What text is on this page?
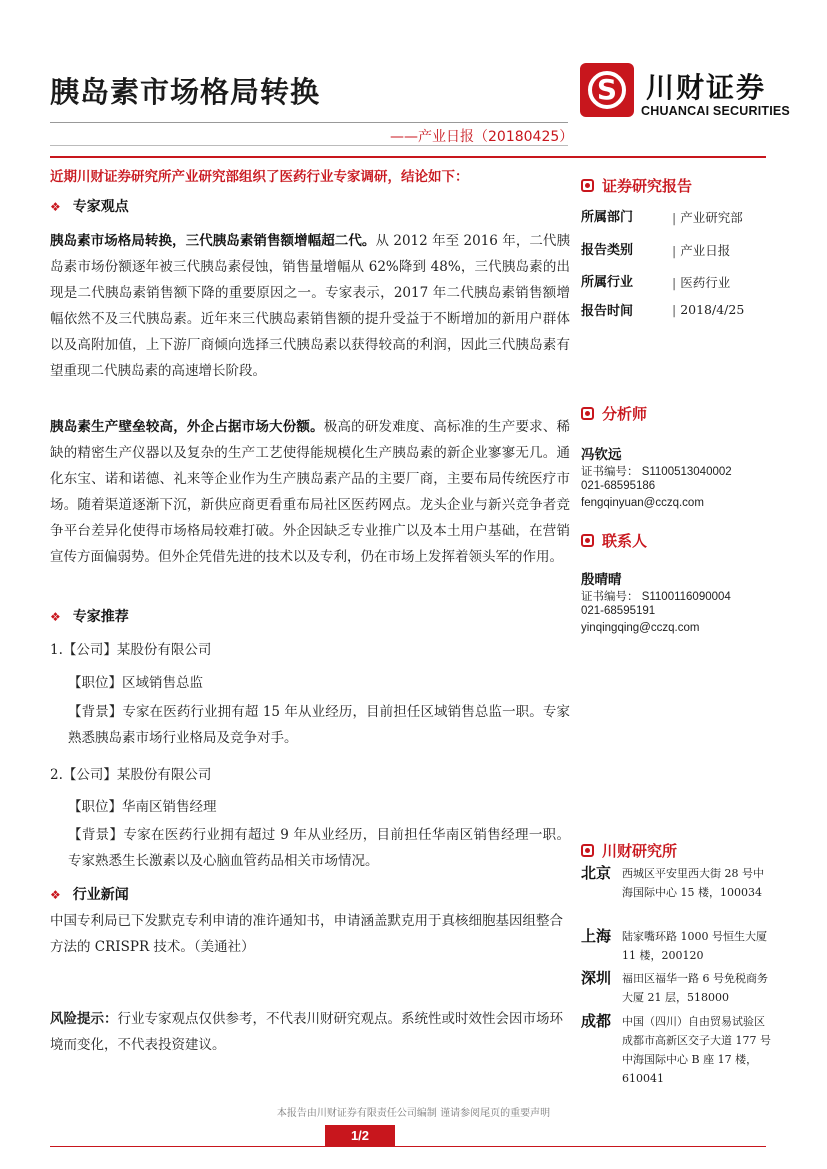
胰岛素市场格局转换	S	川财证券
CHUANCAI SECURITIES
——产业日报（20180425）
近期川财证券研究所产业研究部组织了医药行业专家调研，结论如下：
❖ 专家观点
胰岛素市场格局转换，三代胰岛素销售额增幅超二代。从 2012 年至 2016 年，二代胰岛素市场份额逐年被三代胰岛素侵蚀，销售量增幅从 62%降到 48%，三代胰岛素的出现是二代胰岛素销售额下降的重要原因之一。专家表示，2017 年二代胰岛素销售额增幅依然不及三代胰岛素。近年来三代胰岛素销售额的提升受益于不断增加的新用户群体以及高附加值，上下游厂商倾向选择三代胰岛素以获得较高的利润，因此三代胰岛素有望重现二代胰岛素的高速增长阶段。
胰岛素生产壁垒较高，外企占据市场大份额。极高的研发难度、高标准的生产要求、稀缺的精密生产仪器以及复杂的生产工艺使得能规模化生产胰岛素的新企业寥寥无几。通化东宝、诺和诺德、礼来等企业作为生产胰岛素产品的主要厂商，主要布局传统医疗市场。随着渠道逐渐下沉，新供应商更看重布局社区医药网点。龙头企业与新兴竞争者竞争平台差异化使得市场格局较难打破。外企因缺乏专业推广以及本土用户基础，在营销宣传方面偏弱势。但外企凭借先进的技术以及专利，仍在市场上发挥着领头军的作用。
❖ 专家推荐
1.【公司】某股份有限公司
【职位】区域销售总监
【背景】专家在医药行业拥有超 15 年从业经历，目前担任区域销售总监一职。专家熟悉胰岛素市场行业格局及竞争对手。
2.【公司】某股份有限公司
【职位】华南区销售经理
【背景】专家在医药行业拥有超过 9 年从业经历，目前担任华南区销售经理一职。专家熟悉生长激素以及心脑血管药品相关市场情况。
❖ 行业新闻
中国专利局已下发默克专利申请的准许通知书，申请涵盖默克用于真核细胞基因组整合方法的 CRISPR 技术。（美通社）
风险提示：行业专家观点仅供参考，不代表川财研究观点。系统性或时效性会因市场环境而变化，不代表投资建议。
证券研究报告
所属部门	| 产业研究部
报告类别	| 产业日报
所属行业	| 医药行业
报告时间	| 2018/4/25
分析师
冯钦远
证书编号： S1100513040002
021-68595186
fengqinyuan@cczq.com
联系人
殷晴晴
证书编号： S1100116090004
021-68595191
yinqingqing@cczq.com
川财研究所
北京 西城区平安里西大街 28 号中海国际中心 15 楼，100034
上海 陆家嘴环路 1000 号恒生大厦 11 楼，200120
深圳 福田区福华一路 6 号免税商务大厦 21 层，518000
成都 中国（四川）自由贸易试验区成都市高新区交子大道 177 号中海国际中心 B 座 17 楼，610041
本报告由川财证券有限责任公司编制 谨请参阅尾页的重要声明
1/2
